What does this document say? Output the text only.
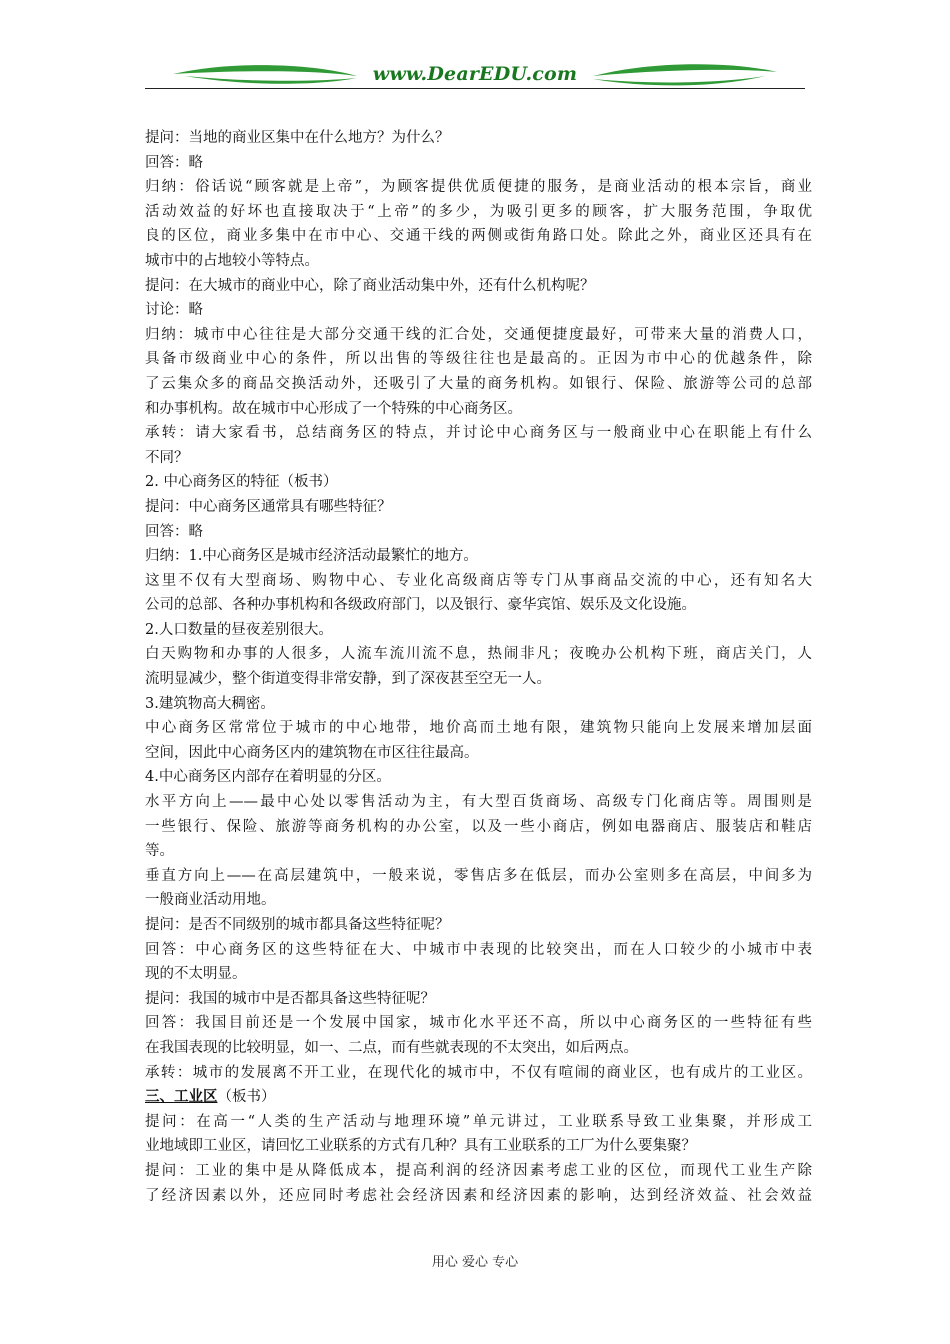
www.DearEDU.com
提问：当地的商业区集中在什么地方？为什么？
回答：略
归纳：俗话说“顾客就是上帝”，为顾客提供优质便捷的服务，是商业活动的根本宗旨，商业
活动效益的好坏也直接取决于“上帝”的多少，为吸引更多的顾客，扩大服务范围，争取优
良的区位，商业多集中在市中心、交通干线的两侧或街角路口处。除此之外，商业区还具有在
城市中的占地较小等特点。
提问：在大城市的商业中心，除了商业活动集中外，还有什么机构呢？
讨论：略
归纳：城市中心往往是大部分交通干线的汇合处，交通便捷度最好，可带来大量的消费人口，
具备市级商业中心的条件，所以出售的等级往往也是最高的。正因为市中心的优越条件，除
了云集众多的商品交换活动外，还吸引了大量的商务机构。如银行、保险、旅游等公司的总部
和办事机构。故在城市中心形成了一个特殊的中心商务区。
承转：请大家看书，总结商务区的特点，并讨论中心商务区与一般商业中心在职能上有什么
不同？
2. 中心商务区的特征（板书）
提问：中心商务区通常具有哪些特征？
回答：略
归纳：1.中心商务区是城市经济活动最繁忙的地方。
这里不仅有大型商场、购物中心、专业化高级商店等专门从事商品交流的中心，还有知名大
公司的总部、各种办事机构和各级政府部门，以及银行、豪华宾馆、娱乐及文化设施。
2.人口数量的昼夜差别很大。
白天购物和办事的人很多，人流车流川流不息，热闹非凡；夜晚办公机构下班，商店关门，人
流明显减少，整个街道变得非常安静，到了深夜甚至空无一人。
3.建筑物高大稠密。
中心商务区常常位于城市的中心地带，地价高而土地有限，建筑物只能向上发展来增加层面
空间，因此中心商务区内的建筑物在市区往往最高。
4.中心商务区内部存在着明显的分区。
水平方向上——最中心处以零售活动为主，有大型百货商场、高级专门化商店等。周围则是
一些银行、保险、旅游等商务机构的办公室，以及一些小商店，例如电器商店、服装店和鞋店
等。
垂直方向上——在高层建筑中，一般来说，零售店多在低层，而办公室则多在高层，中间多为
一般商业活动用地。
提问：是否不同级别的城市都具备这些特征呢？
回答：中心商务区的这些特征在大、中城市中表现的比较突出，而在人口较少的小城市中表
现的不太明显。
提问：我国的城市中是否都具备这些特征呢？
回答：我国目前还是一个发展中国家，城市化水平还不高，所以中心商务区的一些特征有些
在我国表现的比较明显，如一、二点，而有些就表现的不太突出，如后两点。
承转：城市的发展离不开工业，在现代化的城市中，不仅有喧闹的商业区，也有成片的工业区。
三、工业区（板书）
提问：在高一“人类的生产活动与地理环境”单元讲过，工业联系导致工业集聚，并形成工
业地域即工业区，请回忆工业联系的方式有几种？具有工业联系的工厂为什么要集聚？
提问：工业的集中是从降低成本，提高利润的经济因素考虑工业的区位，而现代工业生产除
了经济因素以外，还应同时考虑社会经济因素和经济因素的影响，达到经济效益、社会效益
用心 爱心 专心
